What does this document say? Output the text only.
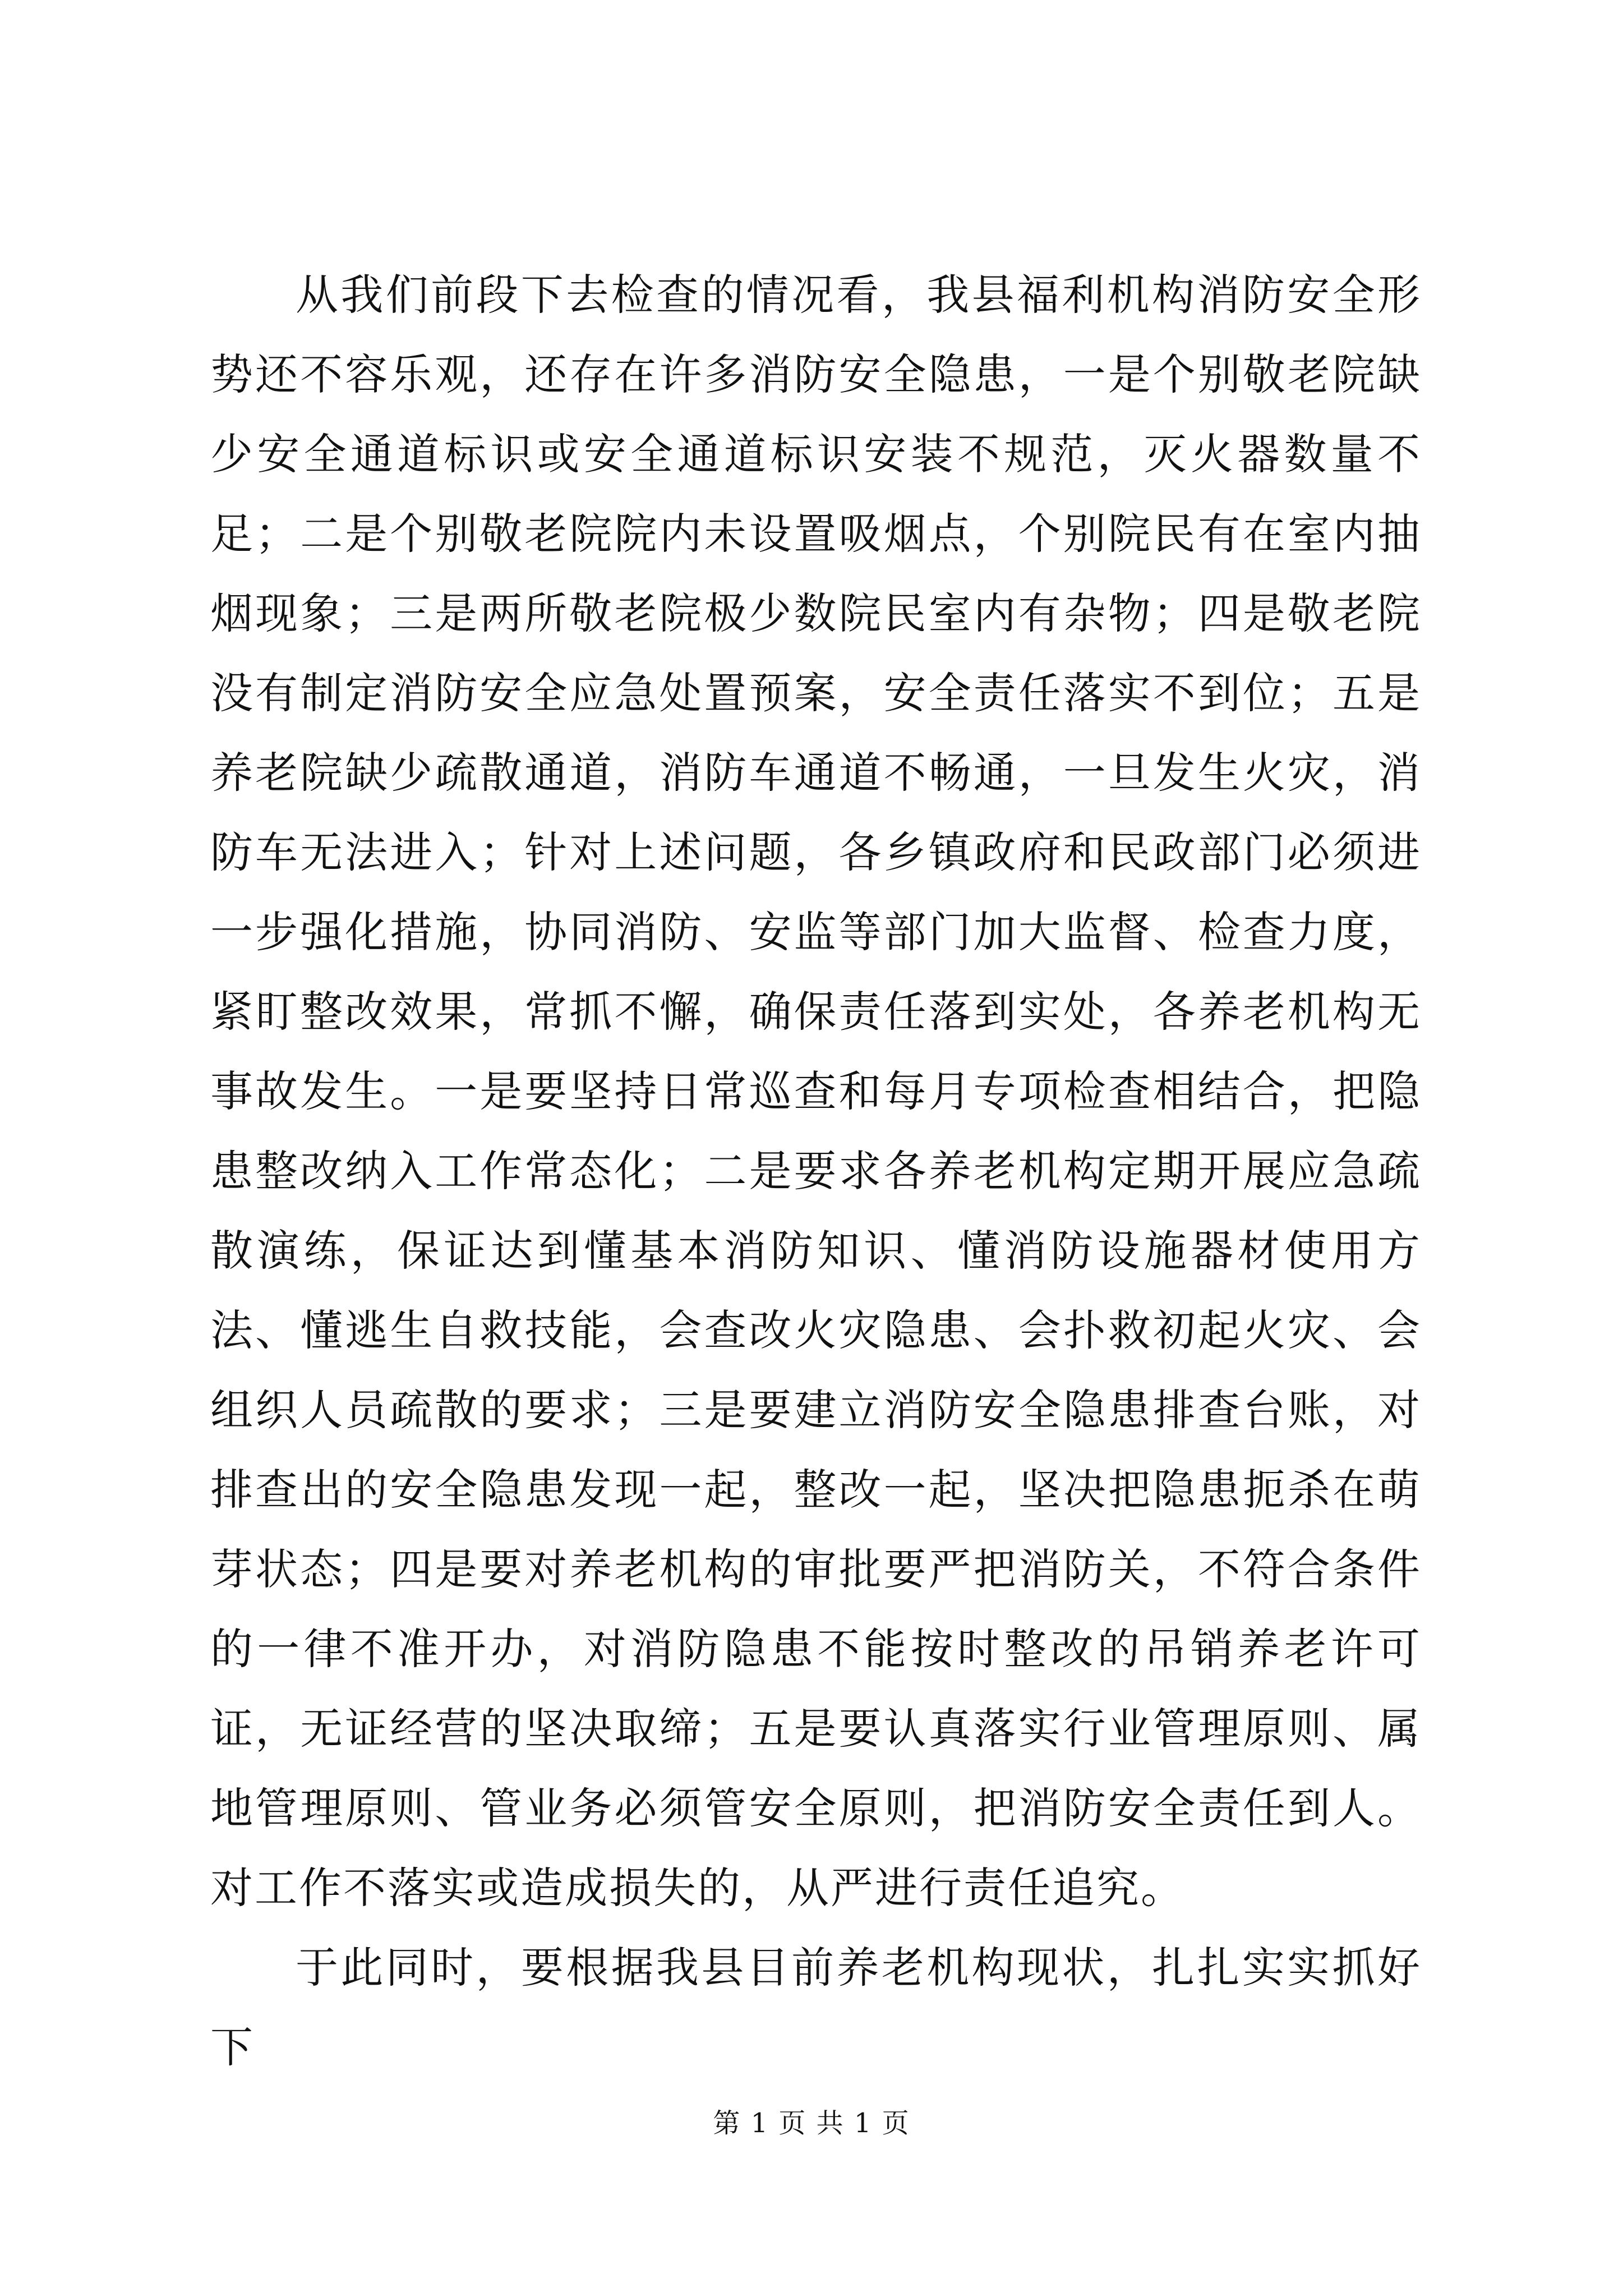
从我们前段下去检查的情况看，我县福利机构消防安全形势还不容乐观，还存在许多消防安全隐患，一是个别敬老院缺少安全通道标识或安全通道标识安装不规范，灭火器数量不足；二是个别敬老院院内未设置吸烟点，个别院民有在室内抽烟现象；三是两所敬老院极少数院民室内有杂物；四是敬老院没有制定消防安全应急处置预案，安全责任落实不到位；五是养老院缺少疏散通道，消防车通道不畅通，一旦发生火灾，消防车无法进入；针对上述问题，各乡镇政府和民政部门必须进一步强化措施，协同消防、安监等部门加大监督、检查力度，紧盯整改效果，常抓不懈，确保责任落到实处，各养老机构无事故发生。一是要坚持日常巡查和每月专项检查相结合，把隐患整改纳入工作常态化；二是要求各养老机构定期开展应急疏散演练，保证达到懂基本消防知识、懂消防设施器材使用方法、懂逃生自救技能，会查改火灾隐患、会扑救初起火灾、会组织人员疏散的要求；三是要建立消防安全隐患排查台账，对排查出的安全隐患发现一起，整改一起，坚决把隐患扼杀在萌芽状态；四是要对养老机构的审批要严把消防关，不符合条件的一律不准开办，对消防隐患不能按时整改的吊销养老许可证，无证经营的坚决取缔；五是要认真落实行业管理原则、属地管理原则、管业务必须管安全原则，把消防安全责任到人。对工作不落实或造成损失的，从严进行责任追究。

于此同时，要根据我县目前养老机构现状，扎扎实实抓好下

第 1 页 共 1 页
